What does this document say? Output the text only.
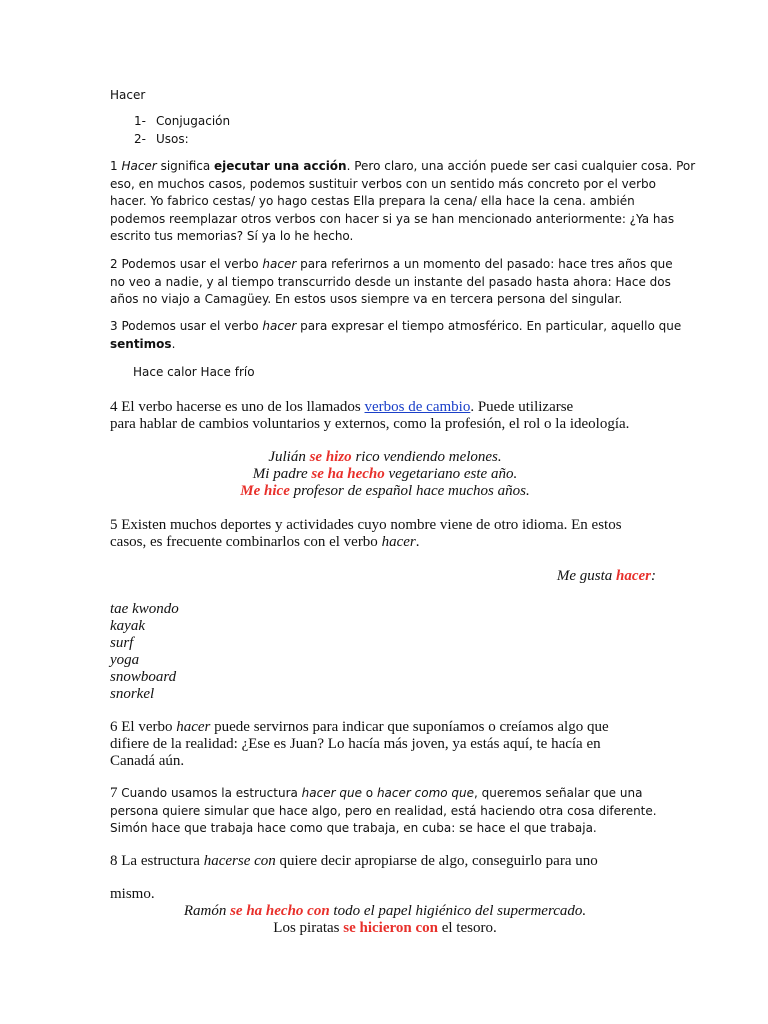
Hacer
1- Conjugación
2- Usos:
1 Hacer significa ejecutar una acción. Pero claro, una acción puede ser casi cualquier cosa. Por
eso, en muchos casos, podemos sustituir verbos con un sentido más concreto por el verbo
hacer. Yo fabrico cestas/ yo hago cestas Ella prepara la cena/ ella hace la cena. ambién
podemos reemplazar otros verbos con hacer si ya se han mencionado anteriormente: ¿Ya has
escrito tus memorias? Sí ya lo he hecho.
2 Podemos usar el verbo hacer para referirnos a un momento del pasado: hace tres años que
no veo a nadie, y al tiempo transcurrido desde un instante del pasado hasta ahora: Hace dos
años no viajo a Camagüey. En estos usos siempre va en tercera persona del singular.
3 Podemos usar el verbo hacer para expresar el tiempo atmosférico. En particular, aquello que
sentimos.
Hace calor Hace frío
4 El verbo hacerse es uno de los llamados verbos de cambio. Puede utilizarse
para hablar de cambios voluntarios y externos, como la profesión, el rol o la ideología.
Julián se hizo rico vendiendo melones.
Mi padre se ha hecho vegetariano este año.
Me hice profesor de español hace muchos años.
5 Existen muchos deportes y actividades cuyo nombre viene de otro idioma. En estos
casos, es frecuente combinarlos con el verbo hacer.
Me gusta hacer:
tae kwondo
kayak
surf
yoga
snowboard
snorkel
6 El verbo hacer puede servirnos para indicar que suponíamos o creíamos algo que
difiere de la realidad: ¿Ese es Juan? Lo hacía más joven, ya estás aquí, te hacía en
Canadá aún.
7 Cuando usamos la estructura hacer que o hacer como que, queremos señalar que una
persona quiere simular que hace algo, pero en realidad, está haciendo otra cosa diferente.
Simón hace que trabaja hace como que trabaja, en cuba: se hace el que trabaja.
8 La estructura hacerse con quiere decir apropiarse de algo, conseguirlo para uno
mismo.
Ramón se ha hecho con todo el papel higiénico del supermercado.
Los piratas se hicieron con el tesoro.
